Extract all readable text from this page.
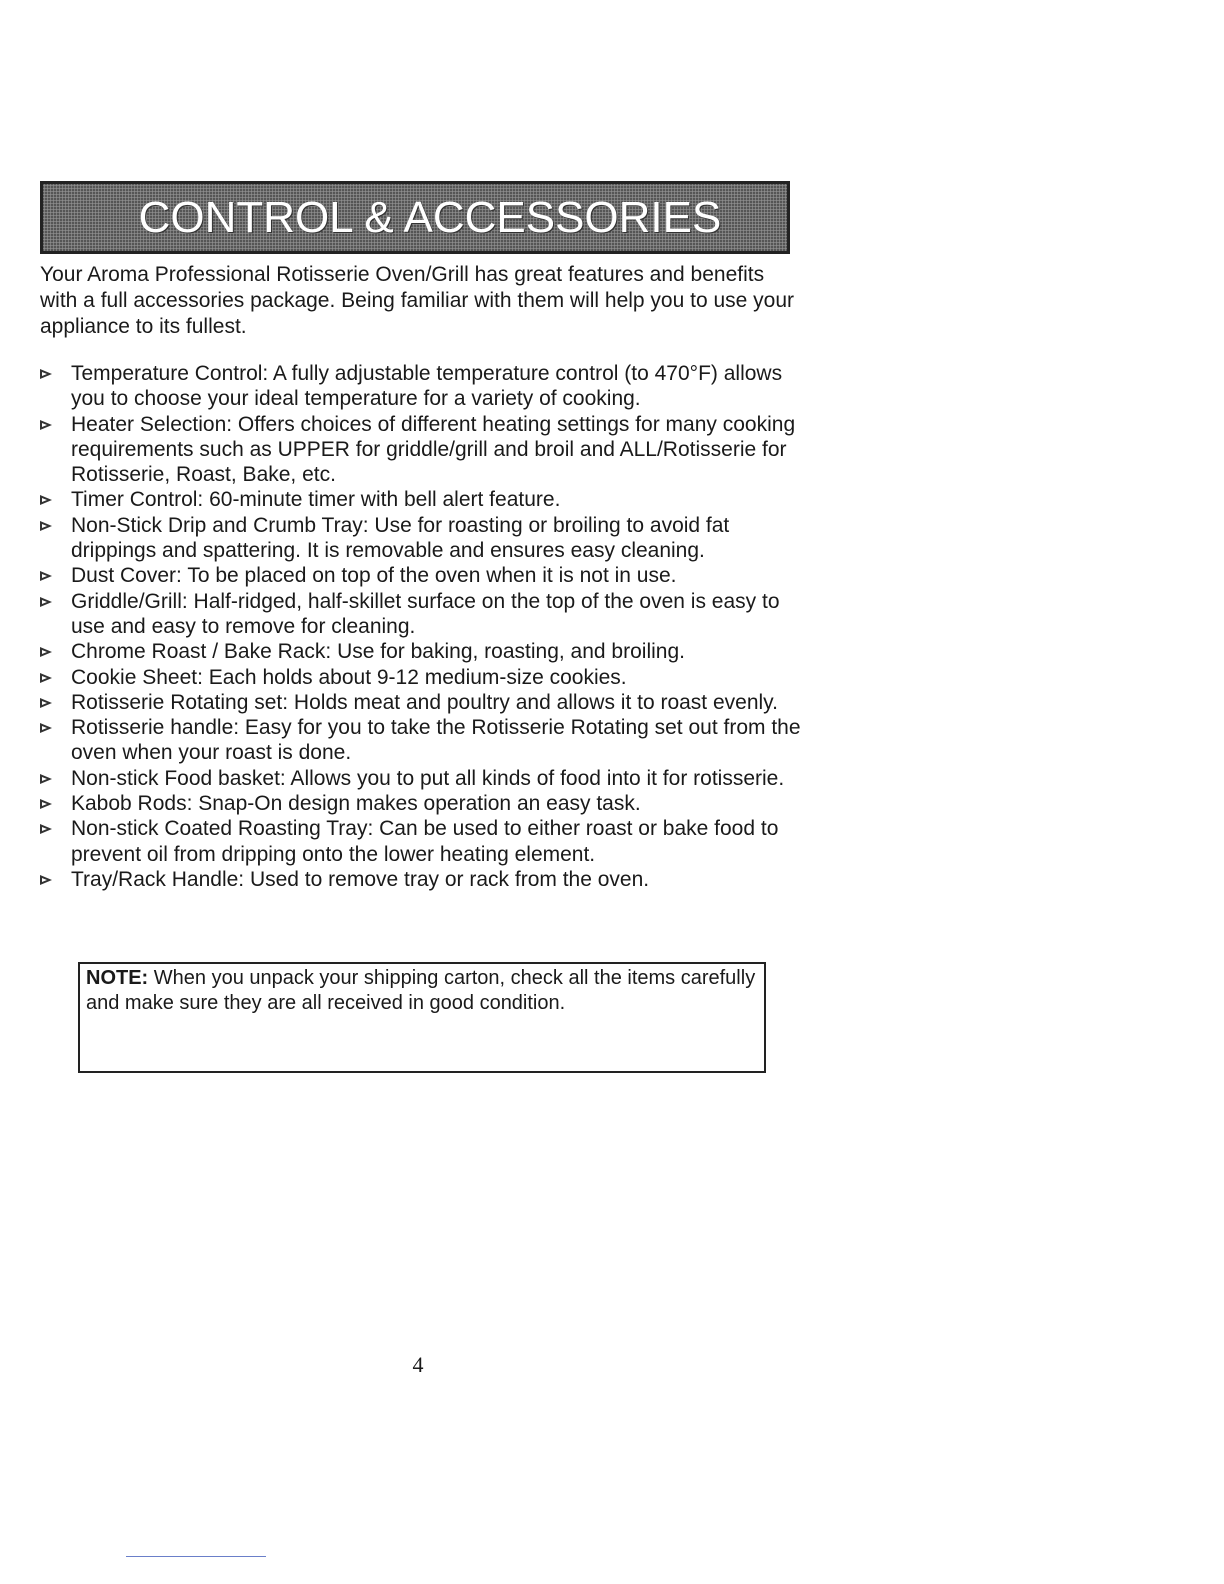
CONTROL & ACCESSORIES

Your Aroma Professional Rotisserie Oven/Grill has great features and benefits with a full accessories package. Being familiar with them will help you to use your appliance to its fullest.

Temperature Control: A fully adjustable temperature control (to 470°F) allows you to choose your ideal temperature for a variety of cooking.
Heater Selection: Offers choices of different heating settings for many cooking requirements such as UPPER for griddle/grill and broil and ALL/Rotisserie for Rotisserie, Roast, Bake, etc.
Timer Control: 60-minute timer with bell alert feature.
Non-Stick Drip and Crumb Tray: Use for roasting or broiling to avoid fat drippings and spattering. It is removable and ensures easy cleaning.
Dust Cover: To be placed on top of the oven when it is not in use.
Griddle/Grill: Half-ridged, half-skillet surface on the top of the oven is easy to use and easy to remove for cleaning.
Chrome Roast / Bake Rack: Use for baking, roasting, and broiling.
Cookie Sheet: Each holds about 9-12 medium-size cookies.
Rotisserie Rotating set: Holds meat and poultry and allows it to roast evenly.
Rotisserie handle: Easy for you to take the Rotisserie Rotating set out from the oven when your roast is done.
Non-stick Food basket: Allows you to put all kinds of food into it for rotisserie.
Kabob Rods: Snap-On design makes operation an easy task.
Non-stick Coated Roasting Tray: Can be used to either roast or bake food to prevent oil from dripping onto the lower heating element.
Tray/Rack Handle: Used to remove tray or rack from the oven.
NOTE: When you unpack your shipping carton, check all the items carefully and make sure they are all received in good condition.
4
